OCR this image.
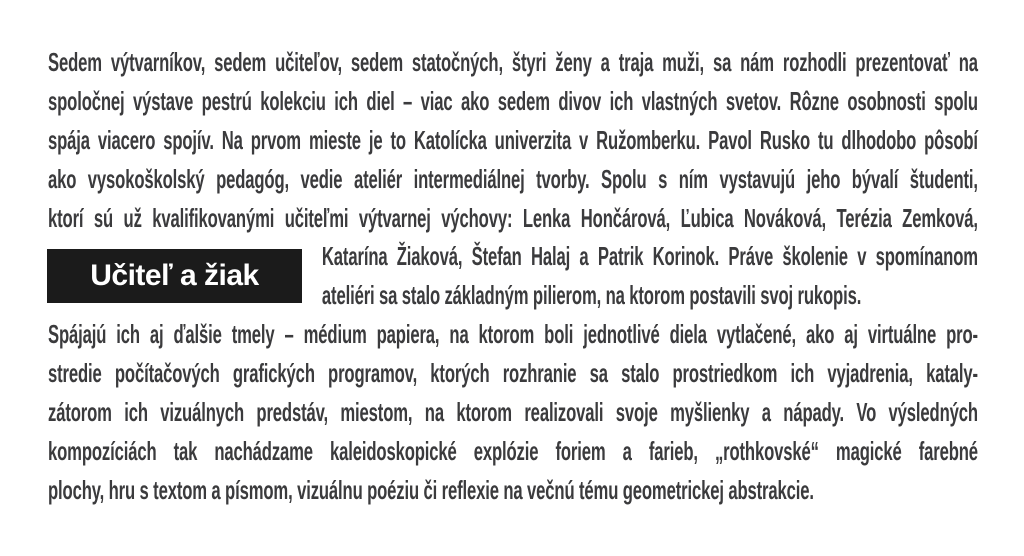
Sedem výtvarníkov, sedem učiteľov, sedem statočných, štyri ženy a traja muži, sa nám rozhodli prezentovať na
spoločnej výstave pestrú kolekciu ich diel – viac ako sedem divov ich vlastných svetov. Rôzne osobnosti spolu
spája viacero spojív. Na prvom mieste je to Katolícka univerzita v Ružomberku. Pavol Rusko tu dlhodobo pôsobí
ako vysokoškolský pedagóg, vedie ateliér intermediálnej tvorby. Spolu s ním vystavujú jeho bývalí študenti,
ktorí sú už kvalifikovanými učiteľmi výtvarnej výchovy: Lenka Hončárová, Ľubica Nováková, Terézia Zemková,
Katarína Žiaková, Štefan Halaj a Patrik Korinok. Práve školenie v spomínanom
ateliéri sa stalo základným pilierom, na ktorom postavili svoj rukopis.
Spájajú ich aj ďalšie tmely – médium papiera, na ktorom boli jednotlivé diela vytlačené, ako aj virtuálne pro-
stredie počítačových grafických programov, ktorých rozhranie sa stalo prostriedkom ich vyjadrenia, kataly-
zátorom ich vizuálnych predstáv, miestom, na ktorom realizovali svoje myšlienky a nápady. Vo výsledných
kompozíciách tak nachádzame kaleidoskopické explózie foriem a farieb, „rothkovské“ magické farebné
plochy, hru s textom a písmom, vizuálnu poéziu či reflexie na večnú tému geometrickej abstrakcie.
Učiteľ a žiak
